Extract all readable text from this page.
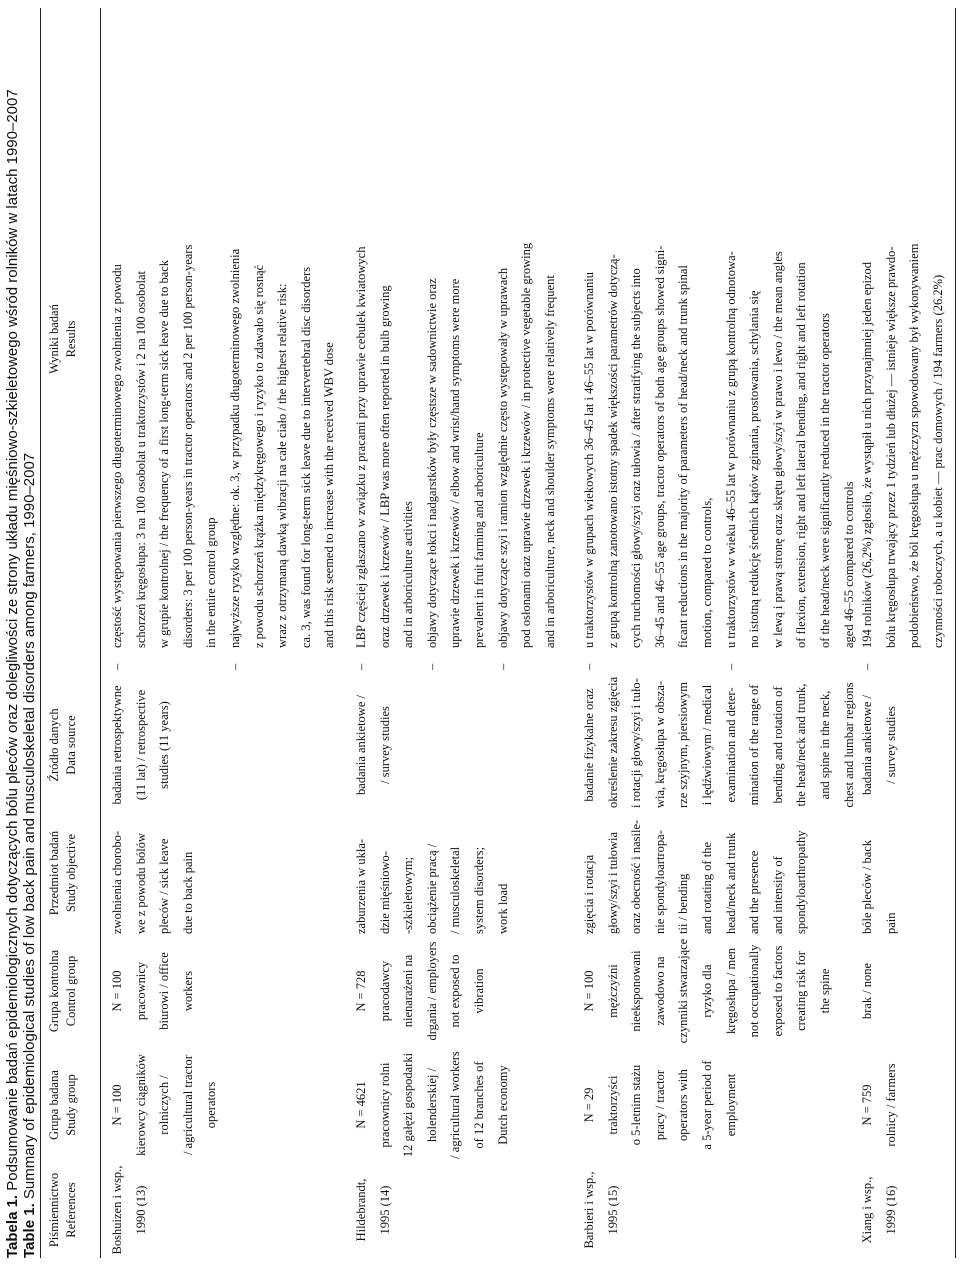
Tabela 1. Podsumowanie badań epidemiologicznych dotyczących bólu pleców oraz dolegliwości ze strony układu mięśniowo-szkieletowego wśród rolników w latach 1990–2007
Table 1. Summary of epidemiological studies of low back pain and musculoskeletal disorders among farmers, 1990–2007
Piśmiennictwo References
Grupa badana Study group
Grupa kontrolna Control group
Przedmiot badań Study objective
Źródło danych Data source
Wyniki badań Results
Boshuizen i wsp., 1990 (13)
N = 100 kierowcy ciągników rolniczych / / agricultural tractor operators
N = 100 pracownicy biurowi / office workers
zwolnienia chorobo- we z powodu bólów pleców / sick leave due to back pain
badania retrospektywne (11 lat) / retrospective studies (11 years)
–
częstość występowania pierwszego długoterminowego zwolnienia z powodu schorzeń kręgosłupa: 3 na 100 osobolat u traktorzystów i 2 na 100 osobolat w grupie kontrolnej / the frequency of a first long-term sick leave due to back disorders: 3 per 100 person-years in tractor operators and 2 per 100 person-years in the entire control group
–
najwyższe ryzyko względne: ok. 3, w przypadku długoterminowego zwolnienia z powodu schorzeń krążka międzykręgowego i ryzyko to zdawało się rosnąć wraz z otrzymaną dawką wibracji na całe ciało / the highest relative risk: ca. 3, was found for long-term sick leave due to intervertebral disc disorders and this risk seemed to increase with the received WBV dose
Hildebrandt, 1995 (14)
N = 4621 pracownicy rolni 12 gałęzi gospodarki holenderskiej / / agricultural workers of 12 branches of Dutch economy
N = 728 pracodawcy nienarażeni na drgania / employers not exposed to vibration
zaburzenia w ukła- dzie mięśniowo- -szkieletowym; obciążenie pracą / / musculoskeletal system disorders; work load
badania ankietowe / / survey studies
–
LBP częściej zgłaszano w związku z pracami przy uprawie cebulek kwiatowych oraz drzewek i krzewów / LBP was more often reported in bulb growing and in arboriculture activities
–
objawy dotyczące łokci i nadgarstków były częstsze w sadownictwie oraz uprawie drzewek i krzewów / elbow and wrist/hand symptoms were more prevalent in fruit farming and arboriculture
–
objawy dotyczące szyi i ramion względnie często występowały w uprawach pod osłonami oraz uprawie drzewek i krzewów / in protective vegetable growing and in arboriculture, neck and shoulder symptoms were relatively frequent
Barbieri i wsp., 1995 (15)
N = 29 traktorzyści o 5-letnim stażu pracy / tractor operators with a 5-year period of employment
N = 100 mężczyźni nieeksponowani zawodowo na czynniki stwarzające ryzyko dla kręgosłupa / men not occupationally exposed to factors creating risk for the spine
zgięcia i rotacja głowy/szyi i tułowia oraz obecność i nasile- nie spondyloartropa- tii / bending and rotating of the head/neck and trunk and the presence and intensity of spondyloarthropathy
badanie fizykalne oraz określenie zakresu zgięcia i rotacji głowy/szyi i tuło- wia, kręgosłupa w obsza- rze szyjnym, piersiowym i lędźwiowym / medical examination and deter- mination of the range of bending and rotation of the head/neck and trunk, and spine in the neck, chest and lumbar regions
–
u traktorzystów w grupach wiekowych 36–45 lat i 46–55 lat w porównaniu z grupą kontrolną zanotowano istotny spadek większości parametrów dotyczą- cych ruchomości głowy/szyi oraz tułowia / after stratifying the subjects into 36–45 and 46–55 age groups, tractor operators of both age groups showed signi- ficant reductions in the majority of parameters of head/neck and trunk spinal motion, compared to controls,
–
u traktorzystów w wieku 46–55 lat w porównaniu z grupą kontrolną odnotowa- no istotną redukcję średnich kątów zginania, prostowania, schylania się w lewą i prawą stronę oraz skrętu głowy/szyi w prawo i lewo / the mean angles of flexion, extension, right and left lateral bending, and right and left rotation of the head/neck were significantly reduced in the tractor operators aged 46–55 compared to controls
Xiang i wsp., 1999 (16)
N = 759 rolnicy / farmers
brak / none
bóle pleców / back pain
badania ankietowe / / survey studies
–
194 rolników (26,2%) zgłosiło, że wystąpił u nich przynajmniej jeden epizod bólu kręgosłupa trwający przez 1 tydzień lub dłużej — istnieje większe prawdo- podobieństwo, że ból kręgosłupa u mężczyzn spowodowany był wykonywaniem czynności roboczych, a u kobiet — prac domowych / 194 farmers (26.2%)
